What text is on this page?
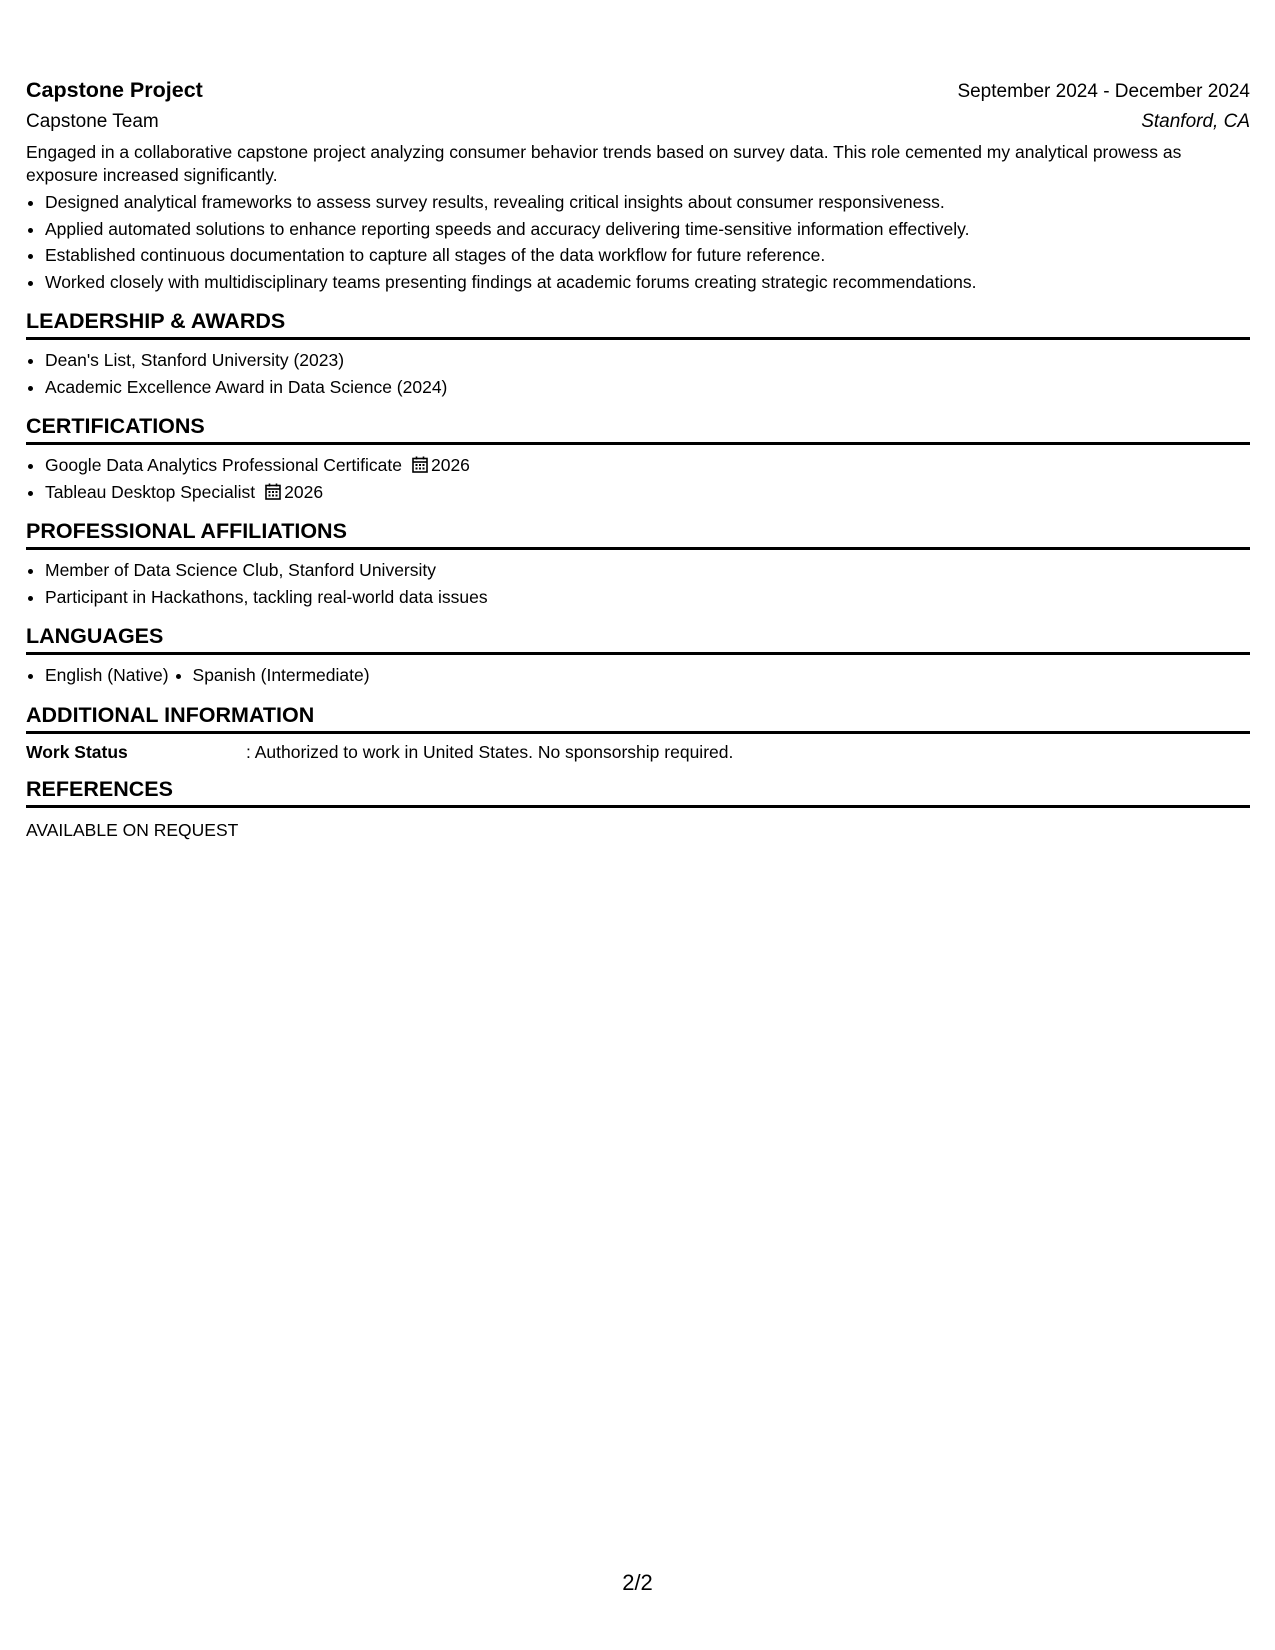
Capstone Project	September 2024 - December 2024
Capstone Team	Stanford, CA
Engaged in a collaborative capstone project analyzing consumer behavior trends based on survey data. This role cemented my analytical prowess as exposure increased significantly.
• Designed analytical frameworks to assess survey results, revealing critical insights about consumer responsiveness.
• Applied automated solutions to enhance reporting speeds and accuracy delivering time-sensitive information effectively.
• Established continuous documentation to capture all stages of the data workflow for future reference.
• Worked closely with multidisciplinary teams presenting findings at academic forums creating strategic recommendations.
LEADERSHIP & AWARDS
• Dean's List, Stanford University (2023)
• Academic Excellence Award in Data Science (2024)
CERTIFICATIONS
• Google Data Analytics Professional Certificate 2026
• Tableau Desktop Specialist 2026
PROFESSIONAL AFFILIATIONS
• Member of Data Science Club, Stanford University
• Participant in Hackathons, tackling real-world data issues
LANGUAGES
• English (Native)
• Spanish (Intermediate)
ADDITIONAL INFORMATION
Work Status	: Authorized to work in United States. No sponsorship required.
REFERENCES
AVAILABLE ON REQUEST
2/2
